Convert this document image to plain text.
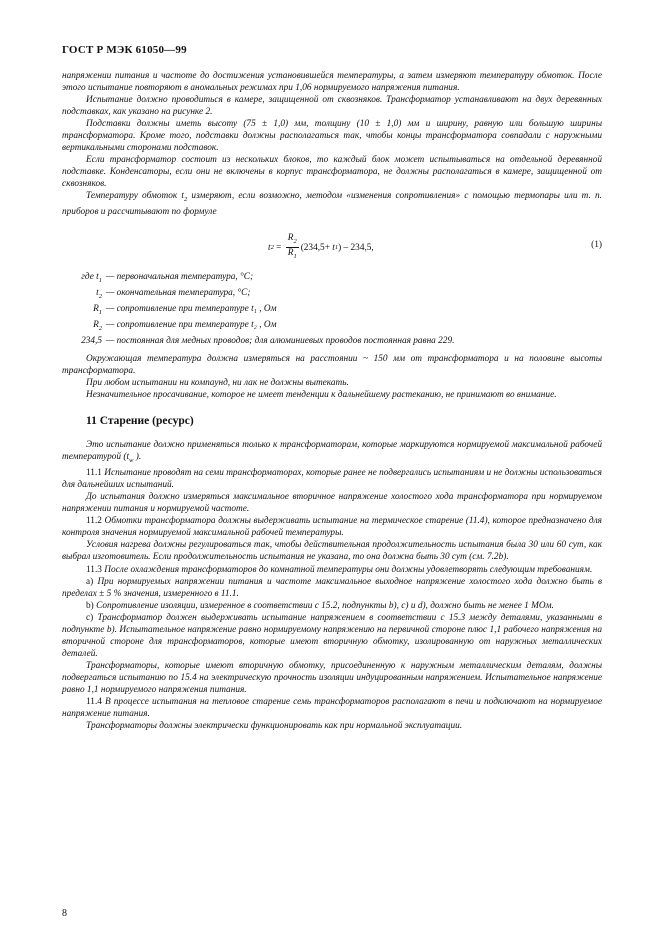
ГОСТ Р МЭК 61050—99

напряжении питания и частоте до достижения установившейся температуры, а затем измеряют температуру обмоток. После этого испытание повторяют в аномальных режимах при 1,06 нормируемого напряжения питания.

Испытание должно проводиться в камере, защищенной от сквозняков. Трансформатор устанавливают на двух деревянных подставках, как указано на рисунке 2.

Подставки должны иметь высоту (75 ± 1,0) мм, толщину (10 ± 1,0) мм и ширину, равную или большую ширины трансформатора. Кроме того, подставки должны располагаться так, чтобы концы трансформатора совпадали с наружными вертикальными сторонами подставок.

Если трансформатор состоит из нескольких блоков, то каждый блок может испытываться на отдельной деревянной подставке. Конденсаторы, если они не включены в корпус трансформатора, не должны располагаться в камере, защищенной от сквозняков.

Температуру обмоток $t_2$ измеряют, если возможно, методом «изменения сопротивления» с помощью термопары или т. п. приборов и рассчитывают по формуле

t $2 = \frac{R_2}{R_1} (234,5+ t$ 1 ) – 234,5,	(1)
где $t_1$ — первоначальная температура, °С;
$t_2$ — окончательная температура, °С;
$R_1$ — сопротивление при температуре t₁ , Ом
$R_2$ — сопротивление при температуре t₂ , Ом
234,5 — постоянная для медных проводов; для алюминиевых проводов постоянная равна 229.

Окружающая температура должна измеряться на расстоянии ~ 150 мм от трансформатора и на половине высоты трансформатора.

При любом испытании ни компаунд, ни лак не должны вытекать.

Незначительное просачивание, которое не имеет тенденции к дальнейшему растеканию, не принимают во внимание.

11 Старение (ресурс)

Это испытание должно применяться только к трансформаторам, которые маркируются нормируемой максимальной рабочей температурой ($t_w$ ).

11.1 Испытание проводят на семи трансформаторах, которые ранее не подвергались испытаниям и не должны использоваться для дальнейших испытаний.

До испытания должно измеряться максимальное вторичное напряжение холостого хода трансформатора при нормируемом напряжении питания и нормируемой частоте.

11.2 Обмотки трансформатора должны выдерживать испытание на термическое старение (11.4), которое предназначено для контроля значения нормируемой максимальной рабочей температуры.

Условия нагрева должны регулироваться так, чтобы действительная продолжительность испытания была 30 или 60 сут, как выбрал изготовитель. Если продолжительность испытания не указана, то она должна быть 30 сут (см. 7.2b).

11.3 После охлаждения трансформаторов до комнатной температуры они должны удовлетворять следующим требованиям.

а) При нормируемых напряжении питания и частоте максимальное выходное напряжение холостого хода должно быть в пределах ± 5 % значения, измеренного в 11.1.

b) Сопротивление изоляции, измеренное в соответствии с 15.2, подпункты b), c) и d), должно быть не менее 1 МОм.

c) Трансформатор должен выдерживать испытание напряжением в соответствии с 15.3 между деталями, указанными в подпункте b). Испытательное напряжение равно нормируемому напряжению на первичной стороне плюс 1,1 рабочего напряжения на вторичной стороне для трансформаторов, которые имеют вторичную обмотку, изолированную от наружных металлических деталей.

Трансформаторы, которые имеют вторичную обмотку, присоединенную к наружным металлическим деталям, должны подвергаться испытанию по 15.4 на электрическую прочность изоляции индуцированным напряжением. Испытательное напряжение равно 1,1 нормируемого напряжения питания.

11.4 В процессе испытания на тепловое старение семь трансформаторов располагают в печи и подключают на нормируемое напряжение питания.

Трансформаторы должны электрически функционировать как при нормальной эксплуатации.

8
